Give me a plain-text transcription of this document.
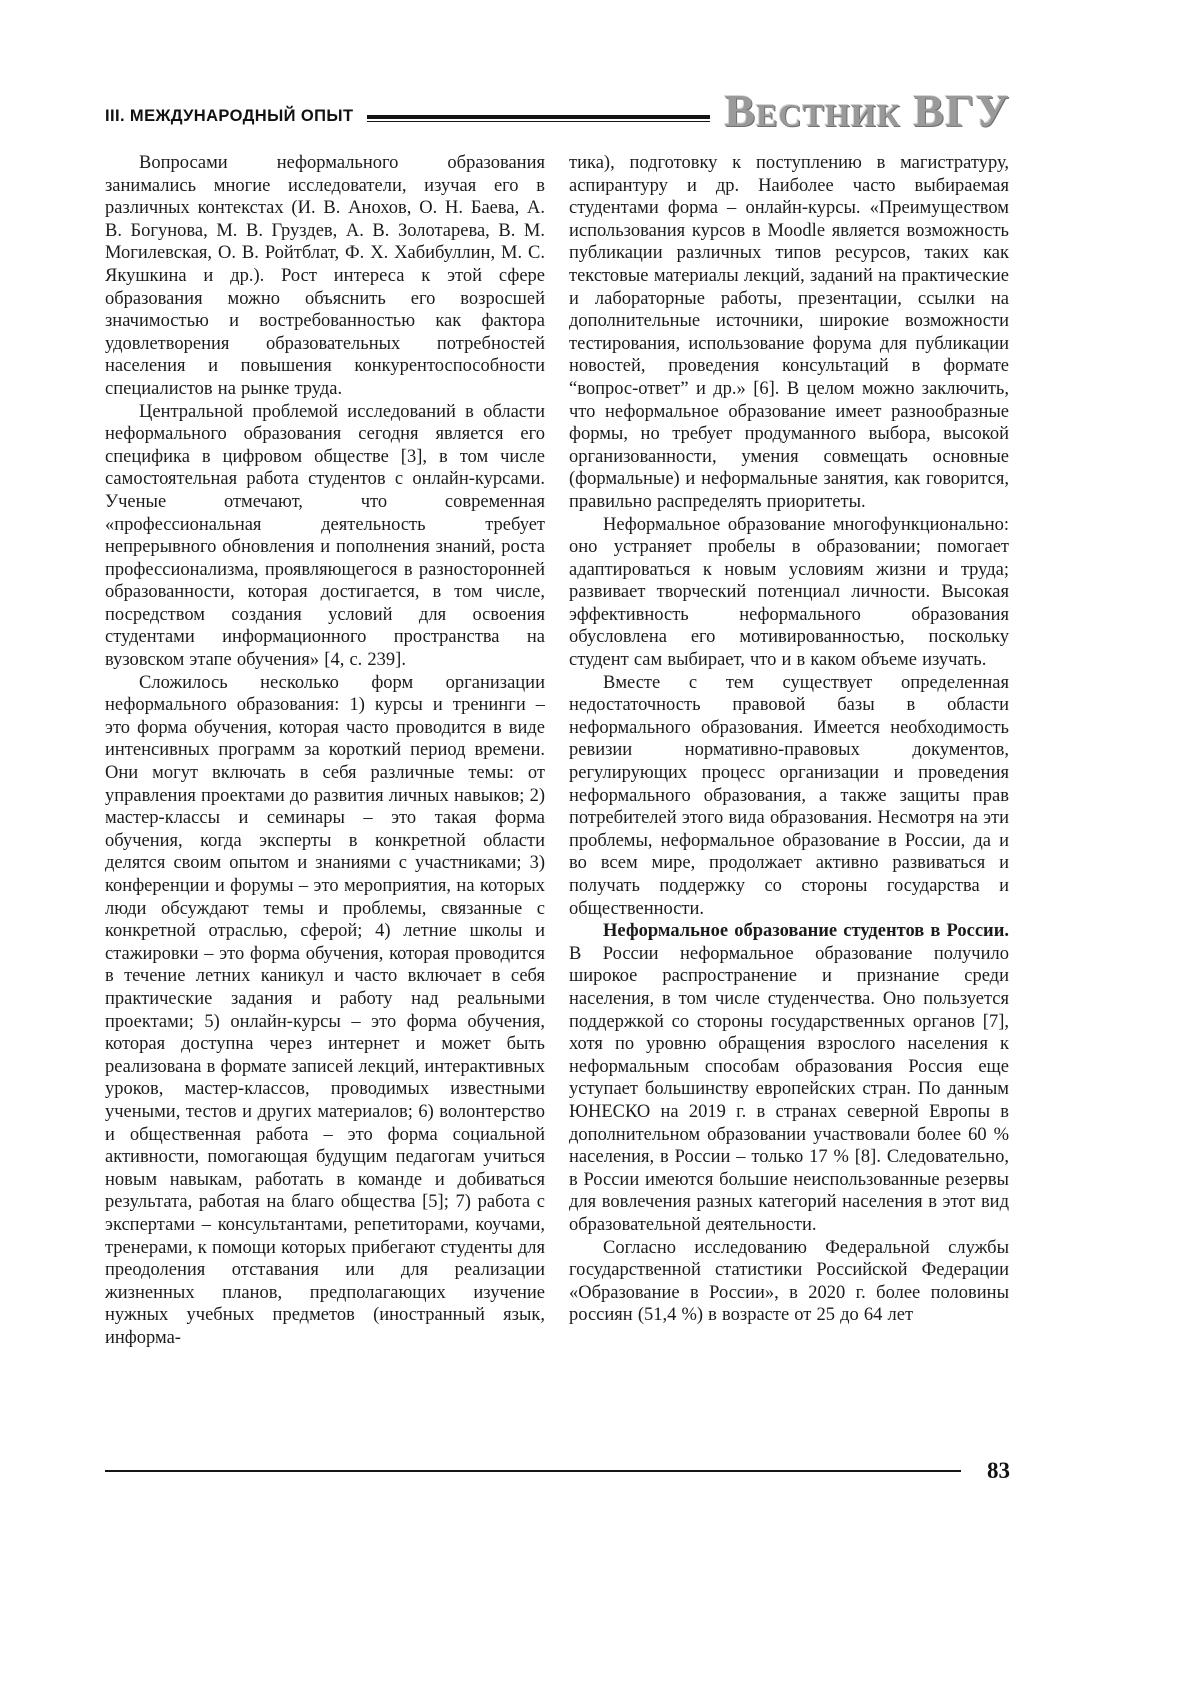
III. МЕЖДУНАРОДНЫЙ ОПЫТ	Вестник ВГУ

Вопросами неформального образования занимались многие исследователи, изучая его в различных контекстах (И. В. Анохов, О. Н. Баева, А. В. Богунова, М. В. Груздев, А. В. Золотарева, В. М. Могилевская, О. В. Ройтблат, Ф. Х. Хабибуллин, М. С. Якушкина и др.). Рост интереса к этой сфере образования можно объяснить его возросшей значимостью и востребованностью как фактора удовлетворения образовательных потребностей населения и повышения конкурентоспособности специалистов на рынке труда.

Центральной проблемой исследований в области неформального образования сегодня является его специфика в цифровом обществе [3], в том числе самостоятельная работа студентов с онлайн-курсами. Ученые отмечают, что современная «профессиональная деятельность требует непрерывного обновления и пополнения знаний, роста профессионализма, проявляющегося в разносторонней образованности, которая достигается, в том числе, посредством создания условий для освоения студентами информационного пространства на вузовском этапе обучения» [4, с. 239].

Сложилось несколько форм организации неформального образования: 1) курсы и тренинги – это форма обучения, которая часто проводится в виде интенсивных программ за короткий период времени. Они могут включать в себя различные темы: от управления проектами до развития личных навыков; 2) мастер-классы и семинары – это такая форма обучения, когда эксперты в конкретной области делятся своим опытом и знаниями с участниками; 3) конференции и форумы – это мероприятия, на которых люди обсуждают темы и проблемы, связанные с конкретной отраслью, сферой; 4) летние школы и стажировки – это форма обучения, которая проводится в течение летних каникул и часто включает в себя практические задания и работу над реальными проектами; 5) онлайн-курсы – это форма обучения, которая доступна через интернет и может быть реализована в формате записей лекций, интерактивных уроков, мастер-классов, проводимых известными учеными, тестов и других материалов; 6) волонтерство и общественная работа – это форма социальной активности, помогающая будущим педагогам учиться новым навыкам, работать в команде и добиваться результата, работая на благо общества [5]; 7) работа с экспертами – консультантами, репетиторами, коучами, тренерами, к помощи которых прибегают студенты для преодоления отставания или для реализации жизненных планов, предполагающих изучение нужных учебных предметов (иностранный язык, информа-

тика), подготовку к поступлению в магистратуру, аспирантуру и др. Наиболее часто выбираемая студентами форма – онлайн-курсы. «Преимуществом использования курсов в Moodle является возможность публикации различных типов ресурсов, таких как текстовые материалы лекций, заданий на практические и лабораторные работы, презентации, ссылки на дополнительные источники, широкие возможности тестирования, использование форума для публикации новостей, проведения консультаций в формате “вопрос-ответ” и др.» [6]. В целом можно заключить, что неформальное образование имеет разнообразные формы, но требует продуманного выбора, высокой организованности, умения совмещать основные (формальные) и неформальные занятия, как говорится, правильно распределять приоритеты.

Неформальное образование многофункционально: оно устраняет пробелы в образовании; помогает адаптироваться к новым условиям жизни и труда; развивает творческий потенциал личности. Высокая эффективность неформального образования обусловлена его мотивированностью, поскольку студент сам выбирает, что и в каком объеме изучать.

Вместе с тем существует определенная недостаточность правовой базы в области неформального образования. Имеется необходимость ревизии нормативно-правовых документов, регулирующих процесс организации и проведения неформального образования, а также защиты прав потребителей этого вида образования. Несмотря на эти проблемы, неформальное образование в России, да и во всем мире, продолжает активно развиваться и получать поддержку со стороны государства и общественности.

Неформальное образование студентов в России. В России неформальное образование получило широкое распространение и признание среди населения, в том числе студенчества. Оно пользуется поддержкой со стороны государственных органов [7], хотя по уровню обращения взрослого населения к неформальным способам образования Россия еще уступает большинству европейских стран. По данным ЮНЕСКО на 2019 г. в странах северной Европы в дополнительном образовании участвовали более 60 % населения, в России – только 17 % [8]. Следовательно, в России имеются большие неиспользованные резервы для вовлечения разных категорий населения в этот вид образовательной деятельности.

Согласно исследованию Федеральной службы государственной статистики Российской Федерации «Образование в России», в 2020 г. более половины россиян (51,4 %) в возрасте от 25 до 64 лет

83
